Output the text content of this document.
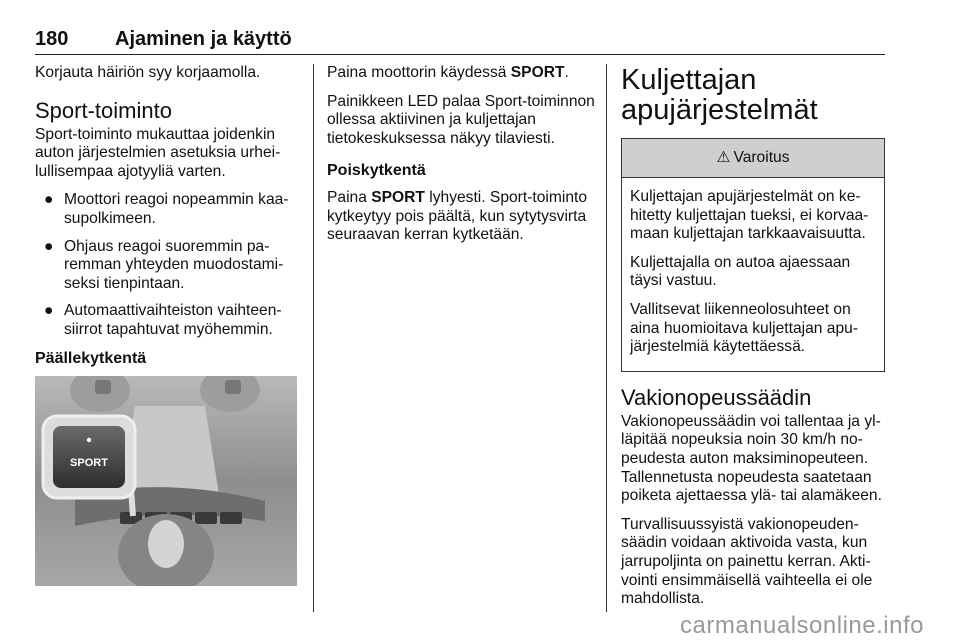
180 Ajaminen ja käyttö

Korjauta häiriön syy korjaamolla.

Sport-toiminto

Sport-toiminto mukauttaa joidenkin auton järjestelmien asetuksia urheilullisempaa ajotyyliä varten.

● Moottori reagoi nopeammin kaasupolkimeen.
● Ohjaus reagoi suoremmin paremman yhteyden muodostamiseksi tienpintaan.
● Automaattivaihteiston vaihteensiirrot tapahtuvat myöhemmin.
Päällekytkentä
SPORT

Paina moottorin käydessä SPORT.

Painikkeen LED palaa Sport-toiminnon ollessa aktiivinen ja kuljettajan tietokeskuksessa näkyy tilaviesti.

Poiskytkentä

Paina SPORT lyhyesti. Sport-toiminto kytkeytyy pois päältä, kun sytytysvirta seuraavan kerran kytketään.

Kuljettajan apujärjestelmät
⚠ Varoitus

Kuljettajan apujärjestelmät on kehitetty kuljettajan tueksi, ei korvaamaan kuljettajan tarkkaavaisuutta.

Kuljettajalla on autoa ajaessaan täysi vastuu.

Vallitsevat liikenneolosuhteet on aina huomioitava kuljettajan apujärjestelmiä käytettäessä.

Vakionopeussäädin

Vakionopeussäädin voi tallentaa ja ylläpitää nopeuksia noin 30 km/h nopeudesta auton maksiminopeuteen. Tallennetusta nopeudesta saatetaan poiketa ajettaessa ylä- tai alamäkeen.

Turvallisuussyistä vakionopeudensäädin voidaan aktivoida vasta, kun jarrupoljinta on painettu kerran. Aktivointi ensimmäisellä vaihteella ei ole mahdollista.

carmanualsonline.info
